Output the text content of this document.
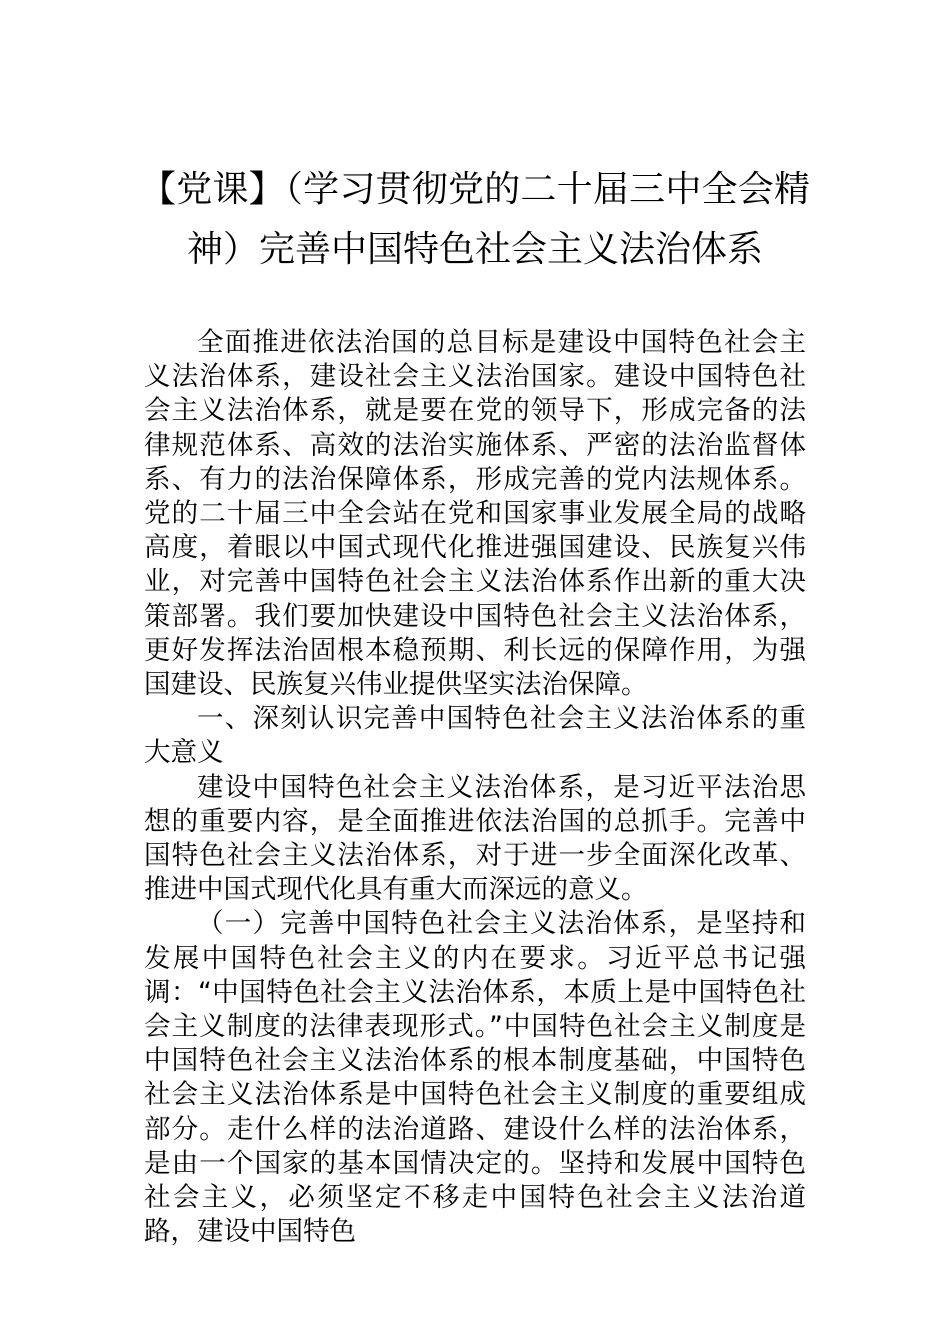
【党课】（学习贯彻党的二十届三中全会精神）完善中国特色社会主义法治体系

全面推进依法治国的总目标是建设中国特色社会主义法治体系，建设社会主义法治国家。建设中国特色社会主义法治体系，就是要在党的领导下，形成完备的法律规范体系、高效的法治实施体系、严密的法治监督体系、有力的法治保障体系，形成完善的党内法规体系。党的二十届三中全会站在党和国家事业发展全局的战略高度，着眼以中国式现代化推进强国建设、民族复兴伟业，对完善中国特色社会主义法治体系作出新的重大决策部署。我们要加快建设中国特色社会主义法治体系，更好发挥法治固根本稳预期、利长远的保障作用，为强国建设、民族复兴伟业提供坚实法治保障。

一、深刻认识完善中国特色社会主义法治体系的重大意义

建设中国特色社会主义法治体系，是习近平法治思想的重要内容，是全面推进依法治国的总抓手。完善中国特色社会主义法治体系，对于进一步全面深化改革、推进中国式现代化具有重大而深远的意义。

（一）完善中国特色社会主义法治体系，是坚持和发展中国特色社会主义的内在要求。习近平总书记强调：“中国特色社会主义法治体系，本质上是中国特色社会主义制度的法律表现形式。”中国特色社会主义制度是中国特色社会主义法治体系的根本制度基础，中国特色社会主义法治体系是中国特色社会主义制度的重要组成部分。走什么样的法治道路、建设什么样的法治体系，是由一个国家的基本国情决定的。坚持和发展中国特色社会主义，必须坚定不移走中国特色社会主义法治道路，建设中国特色
